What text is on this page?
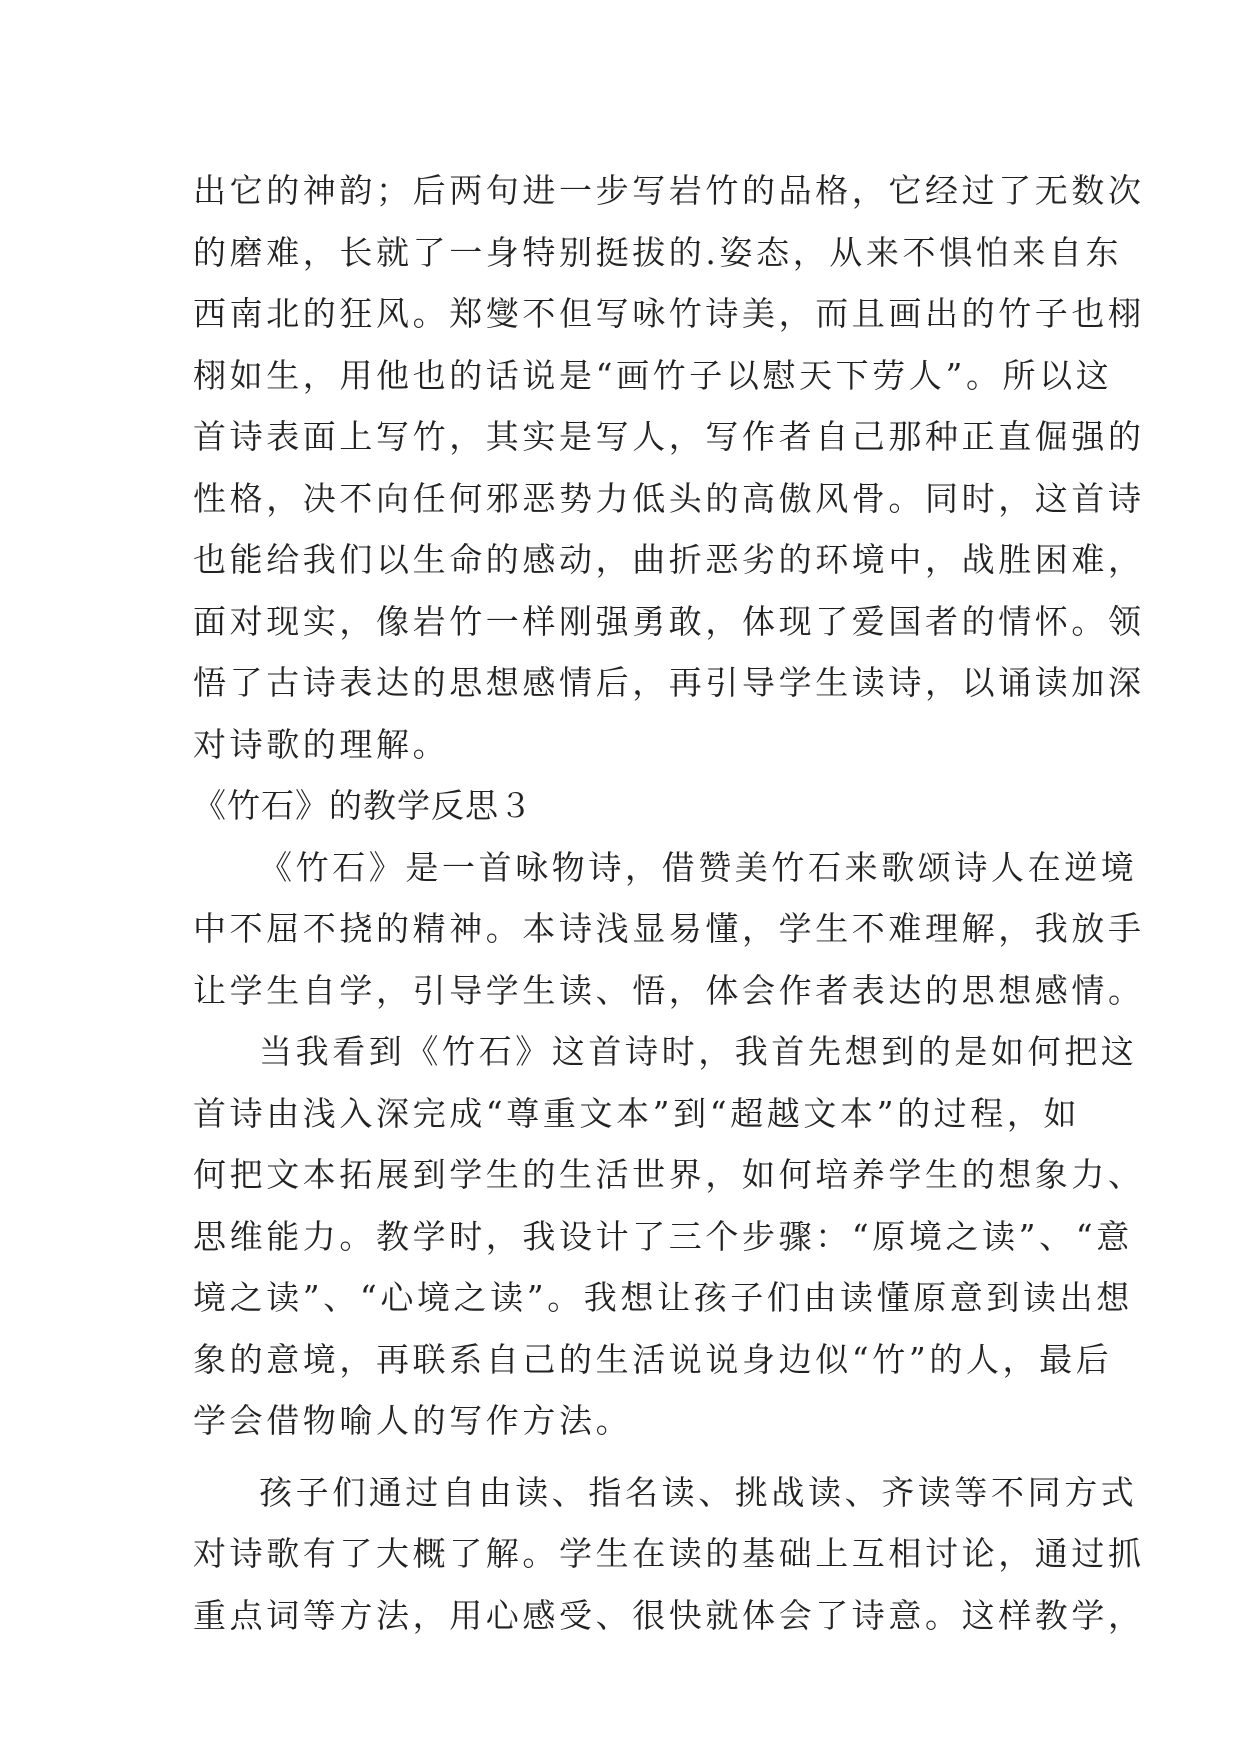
出它的神韵；后两句进一步写岩竹的品格，它经过了无数次
的磨难，长就了一身特别挺拔的.姿态，从来不惧怕来自东
西南北的狂风。郑燮不但写咏竹诗美，而且画出的竹子也栩
栩如生，用他也的话说是“画竹子以慰天下劳人”。所以这
首诗表面上写竹，其实是写人，写作者自己那种正直倔强的
性格，决不向任何邪恶势力低头的高傲风骨。同时，这首诗
也能给我们以生命的感动，曲折恶劣的环境中，战胜困难，
面对现实，像岩竹一样刚强勇敢，体现了爱国者的情怀。领
悟了古诗表达的思想感情后，再引导学生读诗，以诵读加深
对诗歌的理解。
《竹石》的教学反思３
《竹石》是一首咏物诗，借赞美竹石来歌颂诗人在逆境
中不屈不挠的精神。本诗浅显易懂，学生不难理解，我放手
让学生自学，引导学生读、悟，体会作者表达的思想感情。
当我看到《竹石》这首诗时，我首先想到的是如何把这
首诗由浅入深完成“尊重文本”到“超越文本”的过程，如
何把文本拓展到学生的生活世界，如何培养学生的想象力、
思维能力。教学时，我设计了三个步骤：“原境之读”、“意
境之读”、“心境之读”。我想让孩子们由读懂原意到读出想
象的意境，再联系自己的生活说说身边似“竹”的人，最后
学会借物喻人的写作方法。
孩子们通过自由读、指名读、挑战读、齐读等不同方式
对诗歌有了大概了解。学生在读的基础上互相讨论，通过抓
重点词等方法，用心感受、很快就体会了诗意。这样教学，
